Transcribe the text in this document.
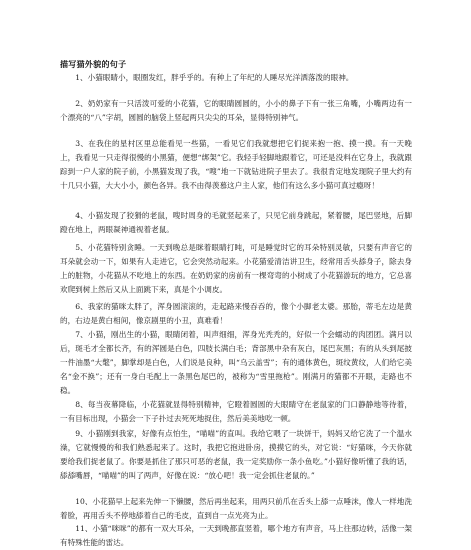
描写猫外貌的句子

1、小猫眼睛小，眼圈发红，胖乎乎的。有种上了年纪的人睡尽光洋洒落泼的眼神。

2、奶奶家有一只活泼可爱的小花猫，它的眼睛圆圆的，小小的鼻子下有一张三角嘴，小嘴两边有一个漂亮的“八”字胡，圆圆的脑袋上竖起两只尖尖的耳朵，显得特别神气。

3、在我住的星村区里总能看见一些猫，一看见它们我就想把它们捉来抱一抱、摸一摸。有一天晚上，我看见一只走得很慢的小黑猫，便想“绑架”它。我轻手轻脚地跟着它，可还是没料在它身上，我就跟踪到一户人家的院子前，小黑猫发现了我，“嗖”地一下就钻进院子里去了。我很肯定地发现院子里大约有十几只小猫，大大小小，颜色各异。我不由得羡慕这户主人家，他们有这么多小猫可真过瘾呀！

4、小猫发现了狡猾的老鼠，嗖时周身的毛就竖起来了，只见它前身跳起，紧着腰，尾巴竖地，后脚蹬在地上，两眼凝神通视着老鼠。

5、小花猫特别贪睡。一天到晚总是眯着眼睛打盹，可是睡觉时它的耳朵特别灵敏，只要有声音它的耳朵就会动一下，如果有人走进它，它会突然动起来。小花猫爱清洁讲卫生，经常用舌头舔身子，除去身上的脏物，小花猫从不吃地上的东西。在奶奶家的房前有一棵弯弯的小树成了小花猫游玩的地方，它总喜欢爬到树上然后又从上面跳下来，真是个小调皮。

6、我家的猫咪太胖了，浑身圆滚滚的，走起路来慢吞吞的，像个小脚老太婆。那胎，蒂毛左边是黄的，右边是黄白相间，像京剧里的小丑，真难看！

7、小猫，刚出生的小猫，眼睛闭着，叫声细细，浑身光秃秃的，好似一个会蠕动的肉团团。满月以后，斑毛才全都长齐，有的浑圆是白色，四肢长满白毛；背部黑中杂有灰白，尾巴灰黑；有的从头到尾披一件油墨“大氅”，脚掌却是白色，人们说是良种，叫“乌云盖雪”；有的通体黄色，斑纹黄纹，人们给它美名“金不换”；还有一身白毛配上一条黑色尾巴的，被称为“雪里拖枪”。刚满月的猫都不开眼，走路也不稳。

8、每当夜幕降临，小花猫就显得特别精神，它瞪着圆圆的大眼睛守在老鼠家的门口静静地等待着，一有目标出现，小猫会一下子扑过去死死地捉住，然后美美地吃一顿。

9、小猫刚到我家，好像有点怕生，“喵喵”的直叫。我给它喂了一块饼干，妈妈又给它洗了一个温水澡，它就慢慢的和我们熟悉起来了。这时，我把它抱进卧房，摸摸它的头，对它说：“好猫咪，今天你就要给我们捉老鼠了。你要是抓住了那只可恶的老鼠，我一定奖励你一条小鱼吃。”小猫好像听懂了我的话，舔舔嘴唇，“喵喵”的叫了两声，好像在说：“放心吧！我一定会抓住老鼠的。”

10、小花猫早上起来先伸一下懒腰，然后再坐起来，用两只前爪在舌头上舔一点唾沫，像人一样地洗着脸，再用舌头不停地舔着自己的毛皮，直到自一点光亮为止。

11、小猫“咪咪”的都有一双大耳朵，一天到晚都直竖着，哪个地方有声音，马上往那边转，活像一架有特殊性能的雷达。
